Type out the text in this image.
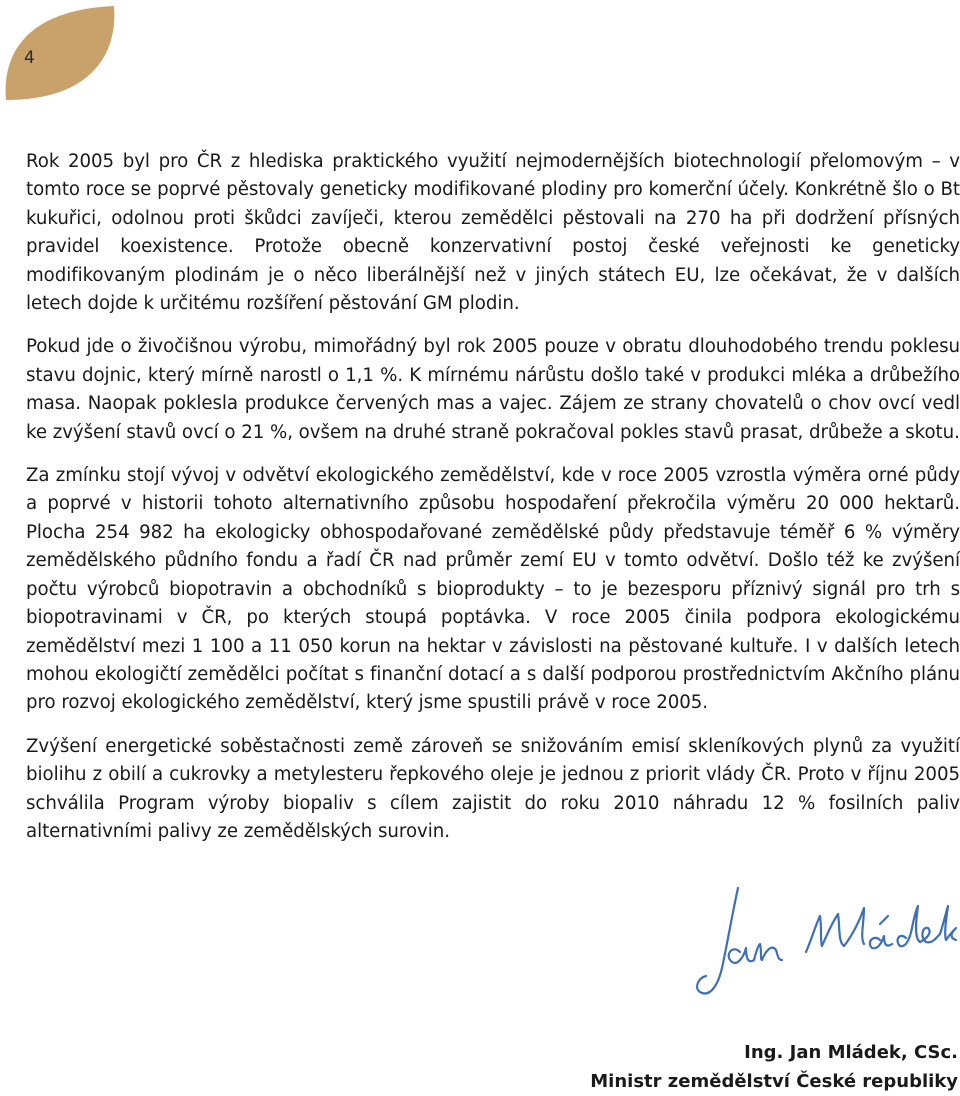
4

Rok 2005 byl pro ČR z hlediska praktického využití nejmodernějších biotechnologií přelomovým – v tomto roce se poprvé pěstovaly geneticky modifikované plodiny pro komerční účely. Konkrétně šlo o Bt kukuřici, odolnou proti škůdci zavíječi, kterou zemědělci pěstovali na 270 ha při dodržení přísných pravidel koexistence. Protože obecně konzervativní postoj české veřejnosti ke geneticky modifikovaným plodinám je o něco liberálnější než v jiných státech EU, lze očekávat, že v dalších letech dojde k určitému rozšíření pěstování GM plodin.

Pokud jde o živočišnou výrobu, mimořádný byl rok 2005 pouze v obratu dlouhodobého trendu poklesu stavu dojnic, který mírně narostl o 1,1 %. K mírnému nárůstu došlo také v produkci mléka a drůbežího masa. Naopak poklesla produkce červených mas a vajec. Zájem ze strany chovatelů o chov ovcí vedl ke zvýšení stavů ovcí o 21 %, ovšem na druhé straně pokračoval pokles stavů prasat, drůbeže a skotu.

Za zmínku stojí vývoj v odvětví ekologického zemědělství, kde v roce 2005 vzrostla výměra orné půdy a poprvé v historii tohoto alternativního způsobu hospodaření překročila výměru 20 000 hektarů. Plocha 254 982 ha ekologicky obhospodařované zemědělské půdy představuje téměř 6 % výměry zemědělského půdního fondu a řadí ČR nad průměr zemí EU v tomto odvětví. Došlo též ke zvýšení počtu výrobců biopotravin a obchodníků s bioprodukty – to je bezesporu příznivý signál pro trh s biopotravinami v ČR, po kterých stoupá poptávka. V roce 2005 činila podpora ekologickému zemědělství mezi 1 100 a 11 050 korun na hektar v závislosti na pěstované kultuře. I v dalších letech mohou ekologičtí zemědělci počítat s finanční dotací a s další podporou prostřednictvím Akčního plánu pro rozvoj ekologického zemědělství, který jsme spustili právě v roce 2005.

Zvýšení energetické soběstačnosti země zároveň se snižováním emisí skleníkových plynů za využití biolihu z obilí a cukrovky a metylesteru řepkového oleje je jednou z priorit vlády ČR. Proto v říjnu 2005 schválila Program výroby biopaliv s cílem zajistit do roku 2010 náhradu 12 % fosilních paliv alternativními palivy ze zemědělských surovin.

Ing. Jan Mládek, CSc.
Ministr zemědělství České republiky
